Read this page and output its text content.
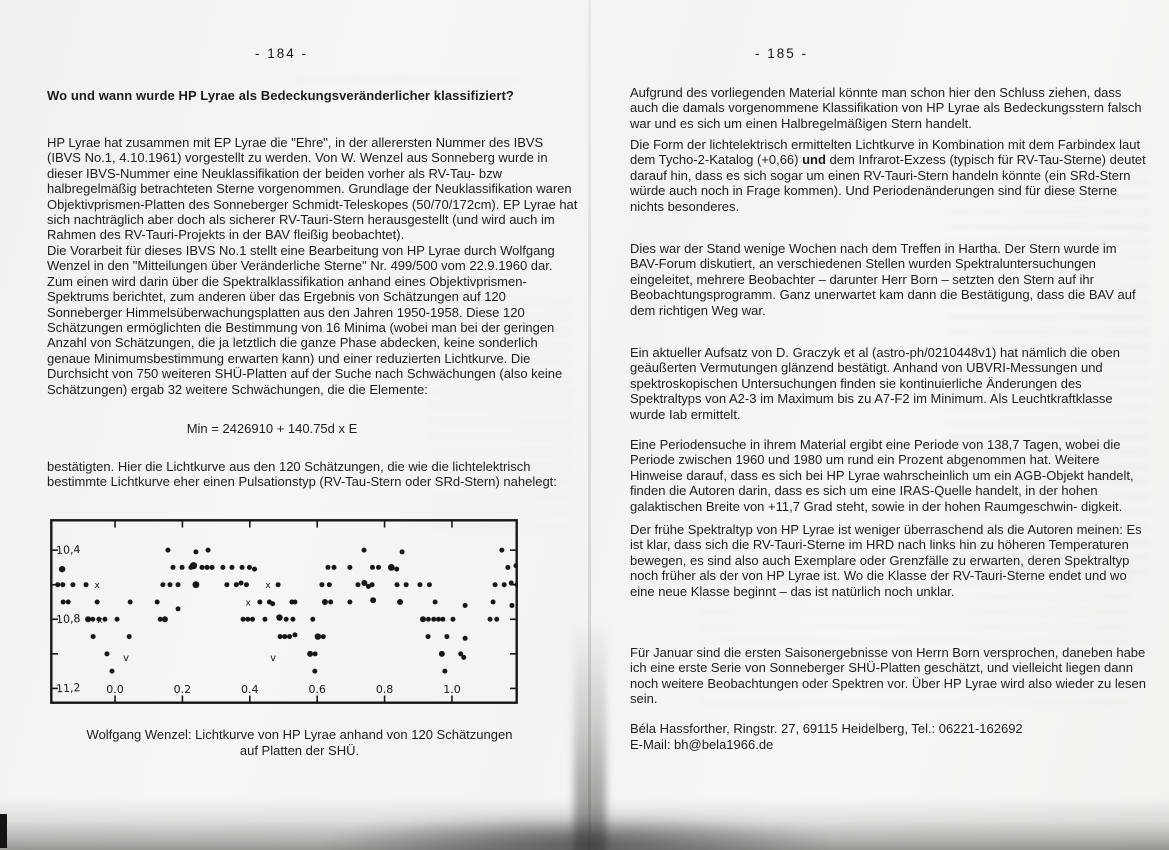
- 184 -
Wo und wann wurde HP Lyrae als Bedeckungsveränderlicher klassifiziert?
HP Lyrae hat zusammen mit EP Lyrae die "Ehre", in der allerersten Nummer des IBVS (IBVS No.1, 4.10.1961) vorgestellt zu werden. Von W. Wenzel aus Sonneberg wurde in dieser IBVS-Nummer eine Neuklassifikation der beiden vorher als RV-Tau- bzw halbregelmäßig betrachteten Sterne vorgenommen. Grundlage der Neuklassifikation waren Objektivprismen-Platten des Sonneberger Schmidt-Teleskopes (50/70/172cm). EP Lyrae hat sich nachträglich aber doch als sicherer RV-Tauri-Stern herausgestellt (und wird auch im Rahmen des RV-Tauri-Projekts in der BAV fleißig beobachtet).
Die Vorarbeit für dieses IBVS No.1 stellt eine Bearbeitung von HP Lyrae durch Wolfgang Wenzel in den "Mitteilungen über Veränderliche Sterne" Nr. 499/500 vom 22.9.1960 dar. Zum einen wird darin über die Spektralklassifikation anhand eines Objektivprismen-Spektrums berichtet, zum anderen über das Ergebnis von Schätzungen auf 120 Sonneberger Himmelsüberwachungsplatten aus den Jahren 1950-1958. Diese 120 Schätzungen ermöglichten die Bestimmung von 16 Minima (wobei man bei der geringen Anzahl von Schätzungen, die ja letztlich die ganze Phase abdecken, keine sonderlich genaue Minimumsbestimmung erwarten kann) und einer reduzierten Lichtkurve. Die Durchsicht von 750 weiteren SHÜ-Platten auf der Suche nach Schwächungen (also keine Schätzungen) ergab 32 weitere Schwächungen, die die Elemente:
Min = 2426910 + 140.75d x E
bestätigten. Hier die Lichtkurve aus den 120 Schätzungen, die wie die lichtelektrisch bestimmte Lichtkurve eher einen Pulsationstyp (RV-Tau-Stern oder SRd-Stern) nahelegt:
10,4
10,8
11,2 0.0	0.2	0.4	0.6	0.8	1.0
x	x
x
x
v	v
Wolfgang Wenzel: Lichtkurve von HP Lyrae anhand von 120 Schätzungen
auf Platten der SHÜ.
- 185 -
Aufgrund des vorliegenden Material könnte man schon hier den Schluss ziehen, dass auch die damals vorgenommene Klassifikation von HP Lyrae als Bedeckungsstern falsch war und es sich um einen Halbregelmäßigen Stern handelt.
Die Form der lichtelektrisch ermittelten Lichtkurve in Kombination mit dem Farbindex laut dem Tycho-2-Katalog (+0,66) und dem Infrarot-Exzess (typisch für RV-Tau-Sterne) deutet darauf hin, dass es sich sogar um einen RV-Tauri-Stern handeln könnte (ein SRd-Stern würde auch noch in Frage kommen). Und Periodenänderungen sind für diese Sterne nichts besonderes.
Dies war der Stand wenige Wochen nach dem Treffen in Hartha. Der Stern wurde im BAV-Forum diskutiert, an verschiedenen Stellen wurden Spektraluntersuchungen eingeleitet, mehrere Beobachter – darunter Herr Born – setzten den Stern auf ihr Beobachtungsprogramm. Ganz unerwartet kam dann die Bestätigung, dass die BAV auf dem richtigen Weg war.
Ein aktueller Aufsatz von D. Graczyk et al (astro-ph/0210448v1) hat nämlich die oben geäußerten Vermutungen glänzend bestätigt. Anhand von UBVRI-Messungen und spektroskopischen Untersuchungen finden sie kontinuierliche Änderungen des Spektraltyps von A2-3 im Maximum bis zu A7-F2 im Minimum. Als Leuchtkraftklasse wurde Iab ermittelt.
Eine Periodensuche in ihrem Material ergibt eine Periode von 138,7 Tagen, wobei die Periode zwischen 1960 und 1980 um rund ein Prozent abgenommen hat. Weitere Hinweise darauf, dass es sich bei HP Lyrae wahrscheinlich um ein AGB-Objekt handelt, finden die Autoren darin, dass es sich um eine IRAS-Quelle handelt, in der hohen galaktischen Breite von +11,7 Grad steht, sowie in der hohen Raumgeschwin- digkeit.
Der frühe Spektraltyp von HP Lyrae ist weniger überraschend als die Autoren meinen: Es ist klar, dass sich die RV-Tauri-Sterne im HRD nach links hin zu höheren Temperaturen bewegen, es sind also auch Exemplare oder Grenzfälle zu erwarten, deren Spektraltyp noch früher als der von HP Lyrae ist. Wo die Klasse der RV-Tauri-Sterne endet und wo eine neue Klasse beginnt – das ist natürlich noch unklar.
Für Januar sind die ersten Saisonergebnisse von Herrn Born versprochen, daneben habe ich eine erste Serie von Sonneberger SHÜ-Platten geschätzt, und vielleicht liegen dann noch weitere Beobachtungen oder Spektren vor. Über HP Lyrae wird also wieder zu lesen sein.
Béla Hassforther, Ringstr. 27, 69115 Heidelberg, Tel.: 06221-162692
E-Mail: bh@bela1966.de
